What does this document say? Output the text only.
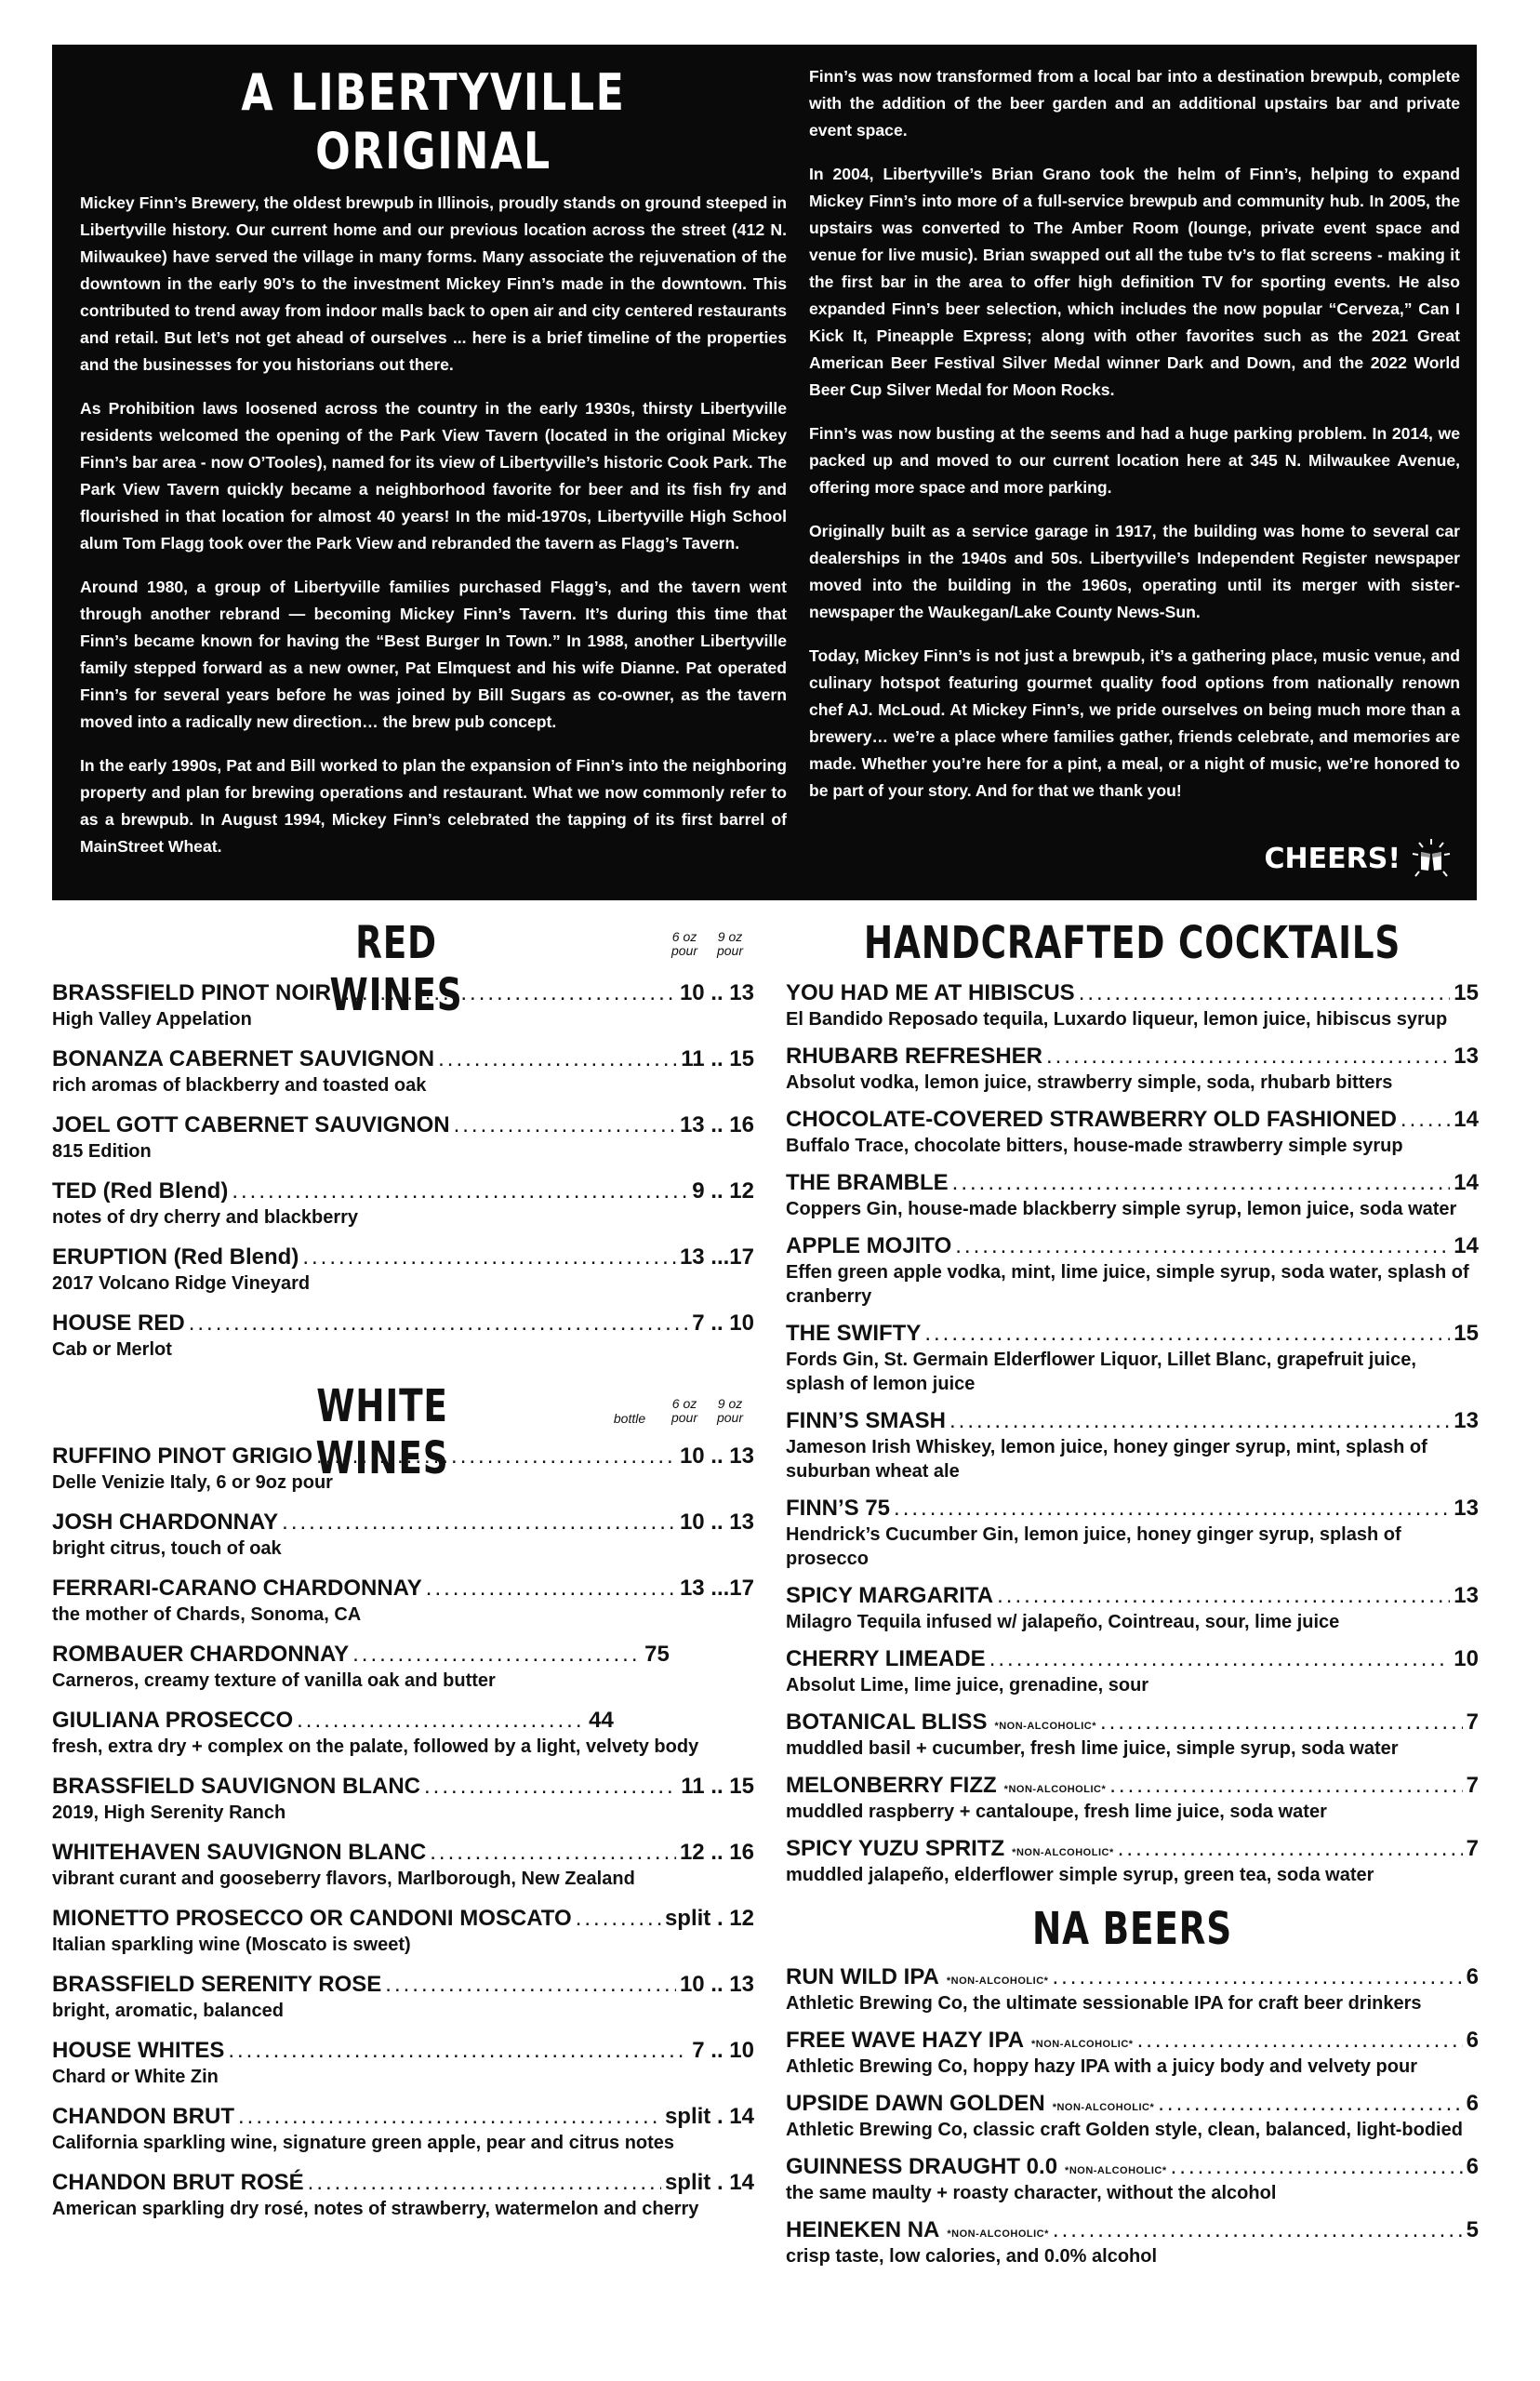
A LIBERTYVILLE ORIGINAL

Mickey Finn’s Brewery, the oldest brewpub in Illinois, proudly stands on ground steeped in Libertyville history. Our current home and our previous location across the street (412 N. Milwaukee) have served the village in many forms. Many associate the rejuvenation of the downtown in the early 90’s to the investment Mickey Finn’s made in the downtown. This contributed to trend away from indoor malls back to open air and city centered restaurants and retail. But let’s not get ahead of ourselves ... here is a brief timeline of the properties and the businesses for you historians out there.

As Prohibition laws loosened across the country in the early 1930s, thirsty Libertyville residents welcomed the opening of the Park View Tavern (located in the original Mickey Finn’s bar area - now O’Tooles), named for its view of Libertyville’s historic Cook Park. The Park View Tavern quickly became a neighborhood favorite for beer and its fish fry and flourished in that location for almost 40 years! In the mid-1970s, Libertyville High School alum Tom Flagg took over the Park View and rebranded the tavern as Flagg’s Tavern.

Around 1980, a group of Libertyville families purchased Flagg’s, and the tavern went through another rebrand — becoming Mickey Finn’s Tavern. It’s during this time that Finn’s became known for having the “Best Burger In Town.” In 1988, another Libertyville family stepped forward as a new owner, Pat Elmquest and his wife Dianne. Pat operated Finn’s for several years before he was joined by Bill Sugars as co-owner, as the tavern moved into a radically new direction… the brew pub concept.

In the early 1990s, Pat and Bill worked to plan the expansion of Finn’s into the neighboring property and plan for brewing operations and restaurant. What we now commonly refer to as a brewpub. In August 1994, Mickey Finn’s celebrated the tapping of its first barrel of MainStreet Wheat.

Finn’s was now transformed from a local bar into a destination brewpub, complete with the addition of the beer garden and an additional upstairs bar and private event space.

In 2004, Libertyville’s Brian Grano took the helm of Finn’s, helping to expand Mickey Finn’s into more of a full-service brewpub and community hub. In 2005, the upstairs was converted to The Amber Room (lounge, private event space and venue for live music). Brian swapped out all the tube tv’s to flat screens - making it the first bar in the area to offer high definition TV for sporting events. He also expanded Finn’s beer selection, which includes the now popular “Cerveza,” Can I Kick It, Pineapple Express; along with other favorites such as the 2021 Great American Beer Festival Silver Medal winner Dark and Down, and the 2022 World Beer Cup Silver Medal for Moon Rocks.

Finn’s was now busting at the seems and had a huge parking problem. In 2014, we packed up and moved to our current location here at 345 N. Milwaukee Avenue, offering more space and more parking.

Originally built as a service garage in 1917, the building was home to several car dealerships in the 1940s and 50s. Libertyville’s Independent Register newspaper moved into the building in the 1960s, operating until its merger with sister-newspaper the Waukegan/Lake County News-Sun.

Today, Mickey Finn’s is not just a brewpub, it’s a gathering place, music venue, and culinary hotspot featuring gourmet quality food options from nationally renown chef AJ. McLoud. At Mickey Finn’s, we pride ourselves on being much more than a brewery… we’re a place where families gather, friends celebrate, and memories are made. Whether you’re here for a pint, a meal, or a night of music, we’re honored to be part of your story. And for that we thank you!

CHEERS!
RED WINES
6 oz pour
9 oz pour
BRASSFIELD PINOT NOIR .....	10 .. 13
High Valley Appelation
BONANZA CABERNET SAUVIGNON .....	11 .. 15
rich aromas of blackberry and toasted oak
JOEL GOTT CABERNET SAUVIGNON .....	13 .. 16
815 Edition
TED (Red Blend) .....	9 .. 12
notes of dry cherry and blackberry
ERUPTION (Red Blend) .....	13 ...17
2017 Volcano Ridge Vineyard
HOUSE RED .....	7 .. 10
Cab or Merlot
WHITE WINES
bottle
6 oz pour
9 oz pour
RUFFINO PINOT GRIGIO .....	10 .. 13
Delle Venizie Italy, 6 or 9oz pour
JOSH CHARDONNAY .....	10 .. 13
bright citrus, touch of oak
FERRARI-CARANO CHARDONNAY .....	13 ...17
the mother of Chards, Sonoma, CA
ROMBAUER CHARDONNAY .....	75
Carneros, creamy texture of vanilla oak and butter
GIULIANA PROSECCO .....	44
fresh, extra dry + complex on the palate, followed by a light, velvety body
BRASSFIELD SAUVIGNON BLANC .....	11 .. 15
2019, High Serenity Ranch
WHITEHAVEN SAUVIGNON BLANC .....	12 .. 16
vibrant curant and gooseberry flavors, Marlborough, New Zealand
MIONETTO PROSECCO OR CANDONI MOSCATO .....	split . 12
Italian sparkling wine (Moscato is sweet)
BRASSFIELD SERENITY ROSE .....	10 .. 13
bright, aromatic, balanced
HOUSE WHITES .....	7 .. 10
Chard or White Zin
CHANDON BRUT .....	split . 14
California sparkling wine, signature green apple, pear and citrus notes
CHANDON BRUT ROSÉ .....	split . 14
American sparkling dry rosé, notes of strawberry, watermelon and cherry
HANDCRAFTED COCKTAILS
YOU HAD ME AT HIBISCUS .....	15
El Bandido Reposado tequila, Luxardo liqueur, lemon juice, hibiscus syrup
RHUBARB REFRESHER .....	13
Absolut vodka, lemon juice, strawberry simple, soda, rhubarb bitters
CHOCOLATE-COVERED STRAWBERRY OLD FASHIONED .....	14
Buffalo Trace, chocolate bitters, house-made strawberry simple syrup
THE BRAMBLE .....	14
Coppers Gin, house-made blackberry simple syrup, lemon juice, soda water
APPLE MOJITO .....	14
Effen green apple vodka, mint, lime juice, simple syrup, soda water, splash of cranberry
THE SWIFTY .....	15
Fords Gin, St. Germain Elderflower Liquor, Lillet Blanc, grapefruit juice, splash of lemon juice
FINN’S SMASH .....	13
Jameson Irish Whiskey, lemon juice, honey ginger syrup, mint, splash of suburban wheat ale
FINN’S 75 .....	13
Hendrick’s Cucumber Gin, lemon juice, honey ginger syrup, splash of prosecco
SPICY MARGARITA .....	13
Milagro Tequila infused w/ jalapeño, Cointreau, sour, lime juice
CHERRY LIMEADE .....	10
Absolut Lime, lime juice, grenadine, sour
BOTANICAL BLISS *NON-ALCOHOLIC* .....	7
muddled basil + cucumber, fresh lime juice, simple syrup, soda water
MELONBERRY FIZZ *NON-ALCOHOLIC* .....	7
muddled raspberry + cantaloupe, fresh lime juice, soda water
SPICY YUZU SPRITZ *NON-ALCOHOLIC* .....	7
muddled jalapeño, elderflower simple syrup, green tea, soda water
NA BEERS
RUN WILD IPA *NON-ALCOHOLIC* .....	6
Athletic Brewing Co, the ultimate sessionable IPA for craft beer drinkers
FREE WAVE HAZY IPA *NON-ALCOHOLIC* .....	6
Athletic Brewing Co, hoppy hazy IPA with a juicy body and velvety pour
UPSIDE DAWN GOLDEN *NON-ALCOHOLIC* .....	6
Athletic Brewing Co, classic craft Golden style, clean, balanced, light-bodied
GUINNESS DRAUGHT 0.0 *NON-ALCOHOLIC* .....	6
the same maulty + roasty character, without the alcohol
HEINEKEN NA *NON-ALCOHOLIC* .....	5
crisp taste, low calories, and 0.0% alcohol
